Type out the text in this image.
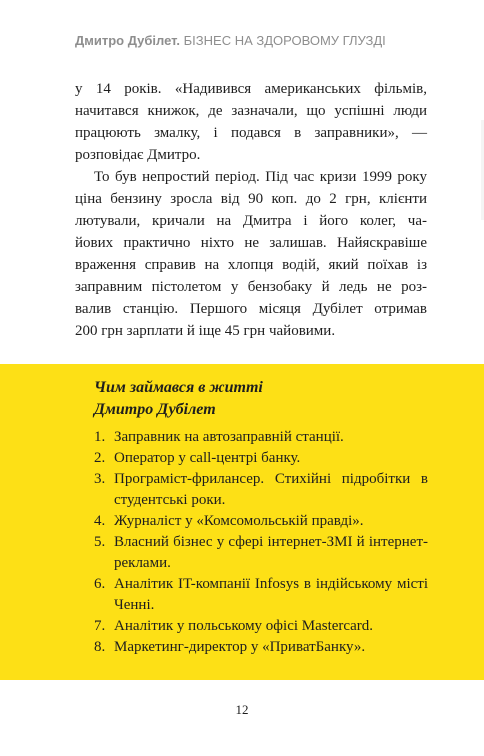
Дмитро Дубілет. БІЗНЕС НА ЗДОРОВОМУ ГЛУЗДІ

у 14 років. «Надивився американських фільмів,
начитався книжок, де зазначали, що успішні люди
працюють змалку, і подався в заправники», —
розповідає Дмитро.

То був непростий період. Під час кризи 1999 року
ціна бензину зросла від 90 коп. до 2 грн, клієнти
лютували, кричали на Дмитра і його колег, ча-
йових практично ніхто не залишав. Найяскравіше
враження справив на хлопця водій, який поїхав із
заправним пістолетом у бензобаку й ледь не роз-
валив станцію. Першого місяця Дубілет отримав
200 грн зарплати й іще 45 грн чайовими.

Чим займався в житті
Дмитро Дубілет
1. Заправник на автозаправній станції.
2. Оператор у call-центрі банку.
3. Програміст-фрилансер. Стихійні підробітки в студентські роки.
4. Журналіст у «Комсомольській правді».
5. Власний бізнес у сфері інтернет-ЗМІ й інтернет-реклами.
6. Аналітик IT-компанії Infosys в індійському місті Ченні.
7. Аналітик у польському офісі Mastercard.
8. Маркетинг-директор у «ПриватБанку».
12
